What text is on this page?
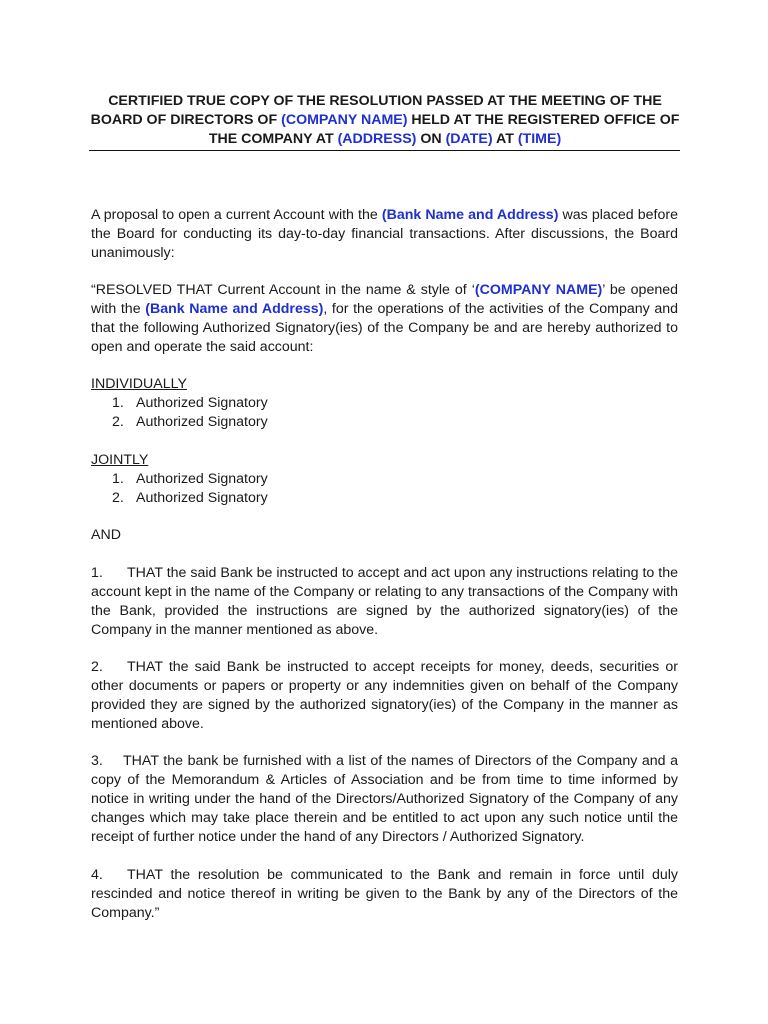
CERTIFIED TRUE COPY OF THE RESOLUTION PASSED AT THE MEETING OF THE
BOARD OF DIRECTORS OF (COMPANY NAME) HELD AT THE REGISTERED OFFICE OF
THE COMPANY AT (ADDRESS) ON (DATE) AT (TIME)

A proposal to open a current Account with the (Bank Name and Address) was placed before the Board for conducting its day-to-day financial transactions. After discussions, the Board unanimously:

“RESOLVED THAT Current Account in the name & style of ‘(COMPANY NAME)’ be opened with the (Bank Name and Address), for the operations of the activities of the Company and that the following Authorized Signatory(ies) of the Company be and are hereby authorized to open and operate the said account:

INDIVIDUALLY
1. Authorized Signatory
2. Authorized Signatory
JOINTLY
1. Authorized Signatory
2. Authorized Signatory
AND

1. THAT the said Bank be instructed to accept and act upon any instructions relating to the account kept in the name of the Company or relating to any transactions of the Company with the Bank, provided the instructions are signed by the authorized signatory(ies) of the Company in the manner mentioned as above.

2. THAT the said Bank be instructed to accept receipts for money, deeds, securities or other documents or papers or property or any indemnities given on behalf of the Company provided they are signed by the authorized signatory(ies) of the Company in the manner as mentioned above.

3. THAT the bank be furnished with a list of the names of Directors of the Company and a copy of the Memorandum & Articles of Association and be from time to time informed by notice in writing under the hand of the Directors/Authorized Signatory of the Company of any changes which may take place therein and be entitled to act upon any such notice until the receipt of further notice under the hand of any Directors / Authorized Signatory.

4. THAT the resolution be communicated to the Bank and remain in force until duly rescinded and notice thereof in writing be given to the Bank by any of the Directors of the Company.”
